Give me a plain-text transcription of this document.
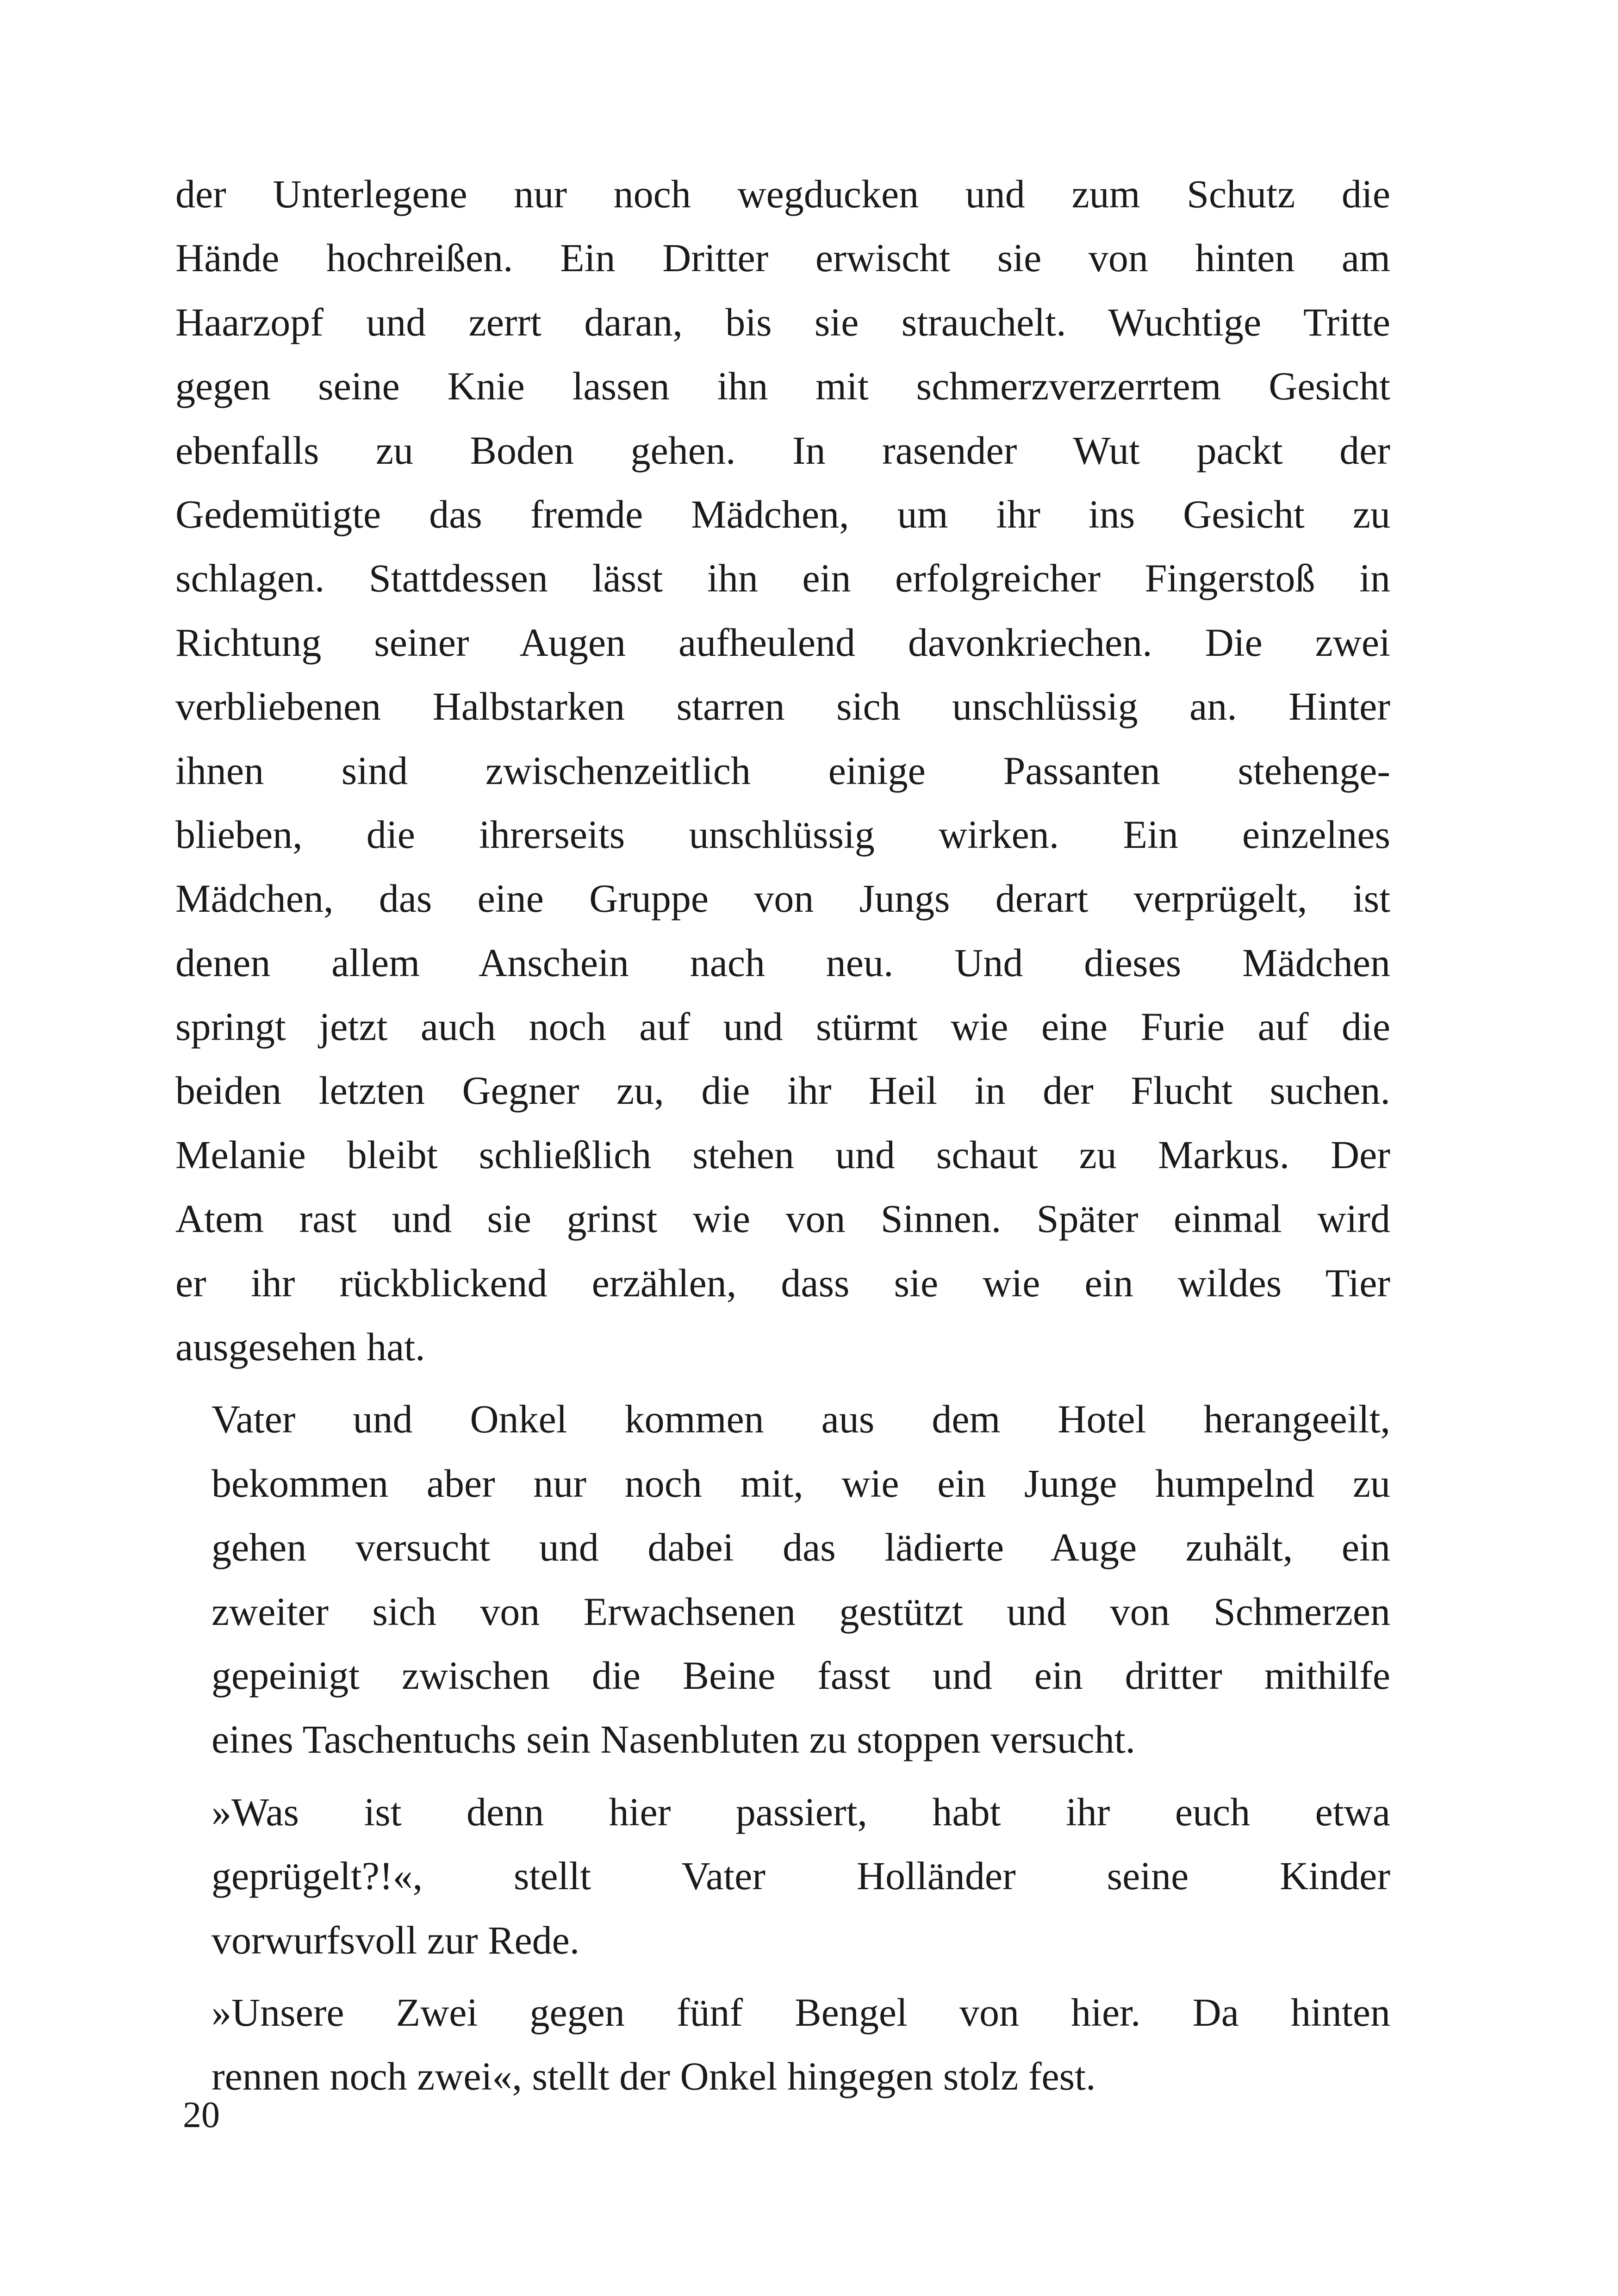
der Unterlegene nur noch wegducken und zum Schutz die
Hände hochreißen. Ein Dritter erwischt sie von hinten am
Haarzopf und zerrt daran, bis sie strauchelt. Wuchtige Tritte
gegen seine Knie lassen ihn mit schmerzverzerrtem Gesicht
ebenfalls zu Boden gehen. In rasender Wut packt der
Gedemütigte das fremde Mädchen, um ihr ins Gesicht zu
schlagen. Stattdessen lässt ihn ein erfolgreicher Fingerstoß in
Richtung seiner Augen aufheulend davonkriechen. Die zwei
verbliebenen Halbstarken starren sich unschlüssig an. Hinter
ihnen sind zwischenzeitlich einige Passanten stehenge-
blieben, die ihrerseits unschlüssig wirken. Ein einzelnes
Mädchen, das eine Gruppe von Jungs derart verprügelt, ist
denen allem Anschein nach neu. Und dieses Mädchen
springt jetzt auch noch auf und stürmt wie eine Furie auf die
beiden letzten Gegner zu, die ihr Heil in der Flucht suchen.
Melanie bleibt schließlich stehen und schaut zu Markus. Der
Atem rast und sie grinst wie von Sinnen. Später einmal wird
er ihr rückblickend erzählen, dass sie wie ein wildes Tier
ausgesehen hat.

Vater und Onkel kommen aus dem Hotel herangeeilt,
bekommen aber nur noch mit, wie ein Junge humpelnd zu
gehen versucht und dabei das lädierte Auge zuhält, ein
zweiter sich von Erwachsenen gestützt und von Schmerzen
gepeinigt zwischen die Beine fasst und ein dritter mithilfe
eines Taschentuchs sein Nasenbluten zu stoppen versucht.

»Was ist denn hier passiert, habt ihr euch etwa
geprügelt?!«, stellt Vater Holländer seine Kinder
vorwurfsvoll zur Rede.

»Unsere Zwei gegen fünf Bengel von hier. Da hinten
rennen noch zwei«, stellt der Onkel hingegen stolz fest.

20
